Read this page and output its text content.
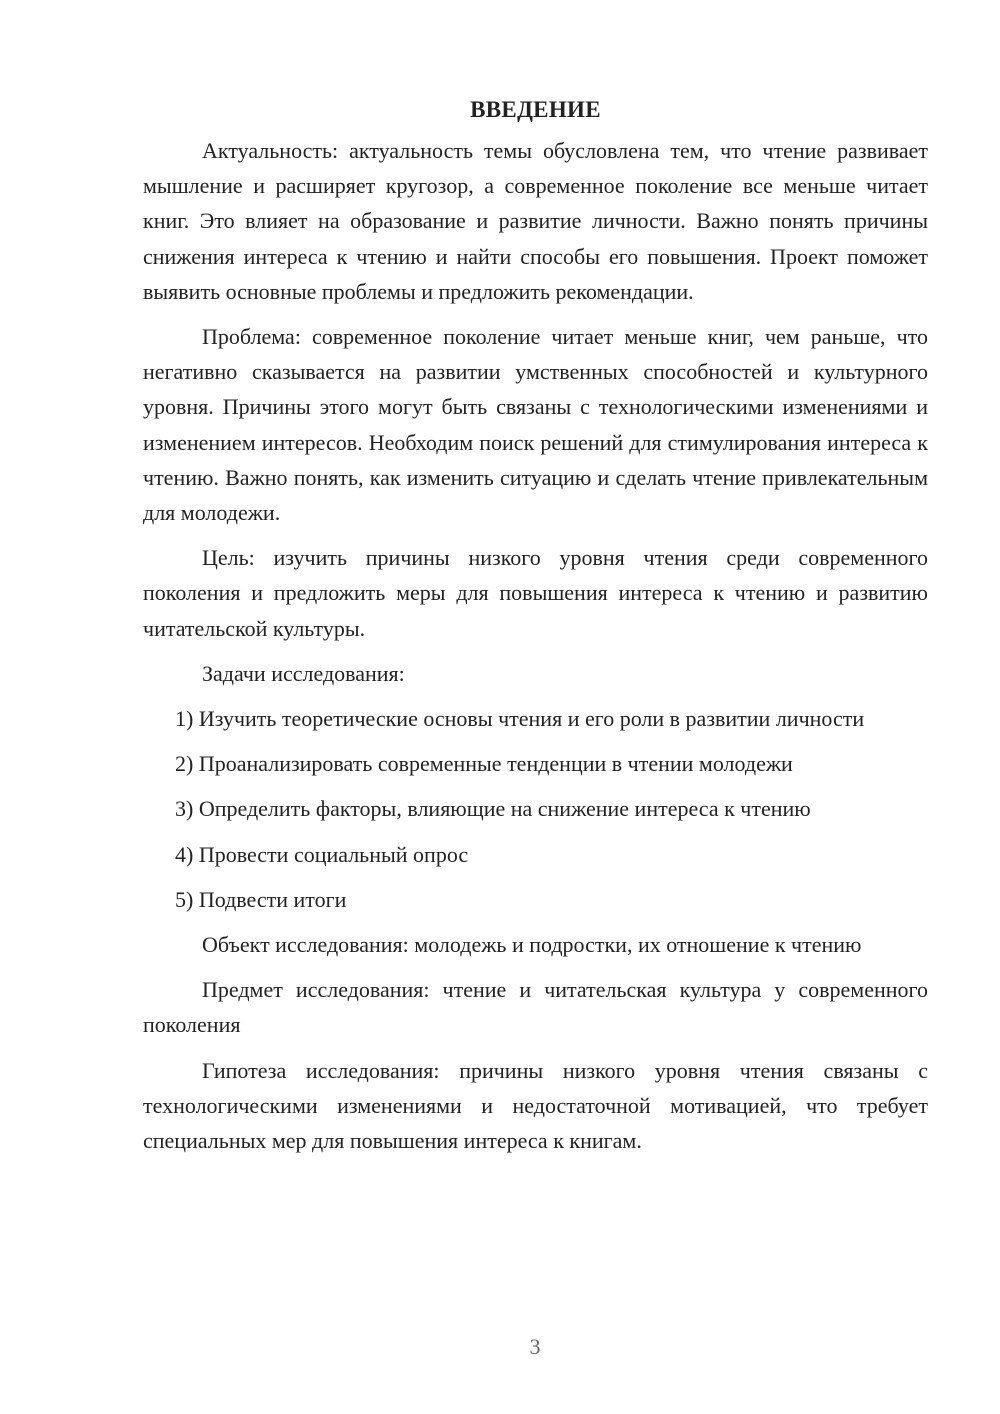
ВВЕДЕНИЕ

Актуальность: актуальность темы обусловлена тем, что чтение развивает мышление и расширяет кругозор, а современное поколение все меньше читает книг. Это влияет на образование и развитие личности. Важно понять причины снижения интереса к чтению и найти способы его повышения. Проект поможет выявить основные проблемы и предложить рекомендации.

Проблема: современное поколение читает меньше книг, чем раньше, что негативно сказывается на развитии умственных способностей и культурного уровня. Причины этого могут быть связаны с технологическими изменениями и изменением интересов. Необходим поиск решений для стимулирования интереса к чтению. Важно понять, как изменить ситуацию и сделать чтение привлекательным для молодежи.

Цель: изучить причины низкого уровня чтения среди современного поколения и предложить меры для повышения интереса к чтению и развитию читательской культуры.

Задачи исследования:

1) Изучить теоретические основы чтения и его роли в развитии личности

2) Проанализировать современные тенденции в чтении молодежи

3) Определить факторы, влияющие на снижение интереса к чтению

4) Провести социальный опрос

5) Подвести итоги

Объект исследования: молодежь и подростки, их отношение к чтению

Предмет исследования: чтение и читательская культура у современного поколения

Гипотеза исследования: причины низкого уровня чтения связаны с технологическими изменениями и недостаточной мотивацией, что требует специальных мер для повышения интереса к книгам.

3
